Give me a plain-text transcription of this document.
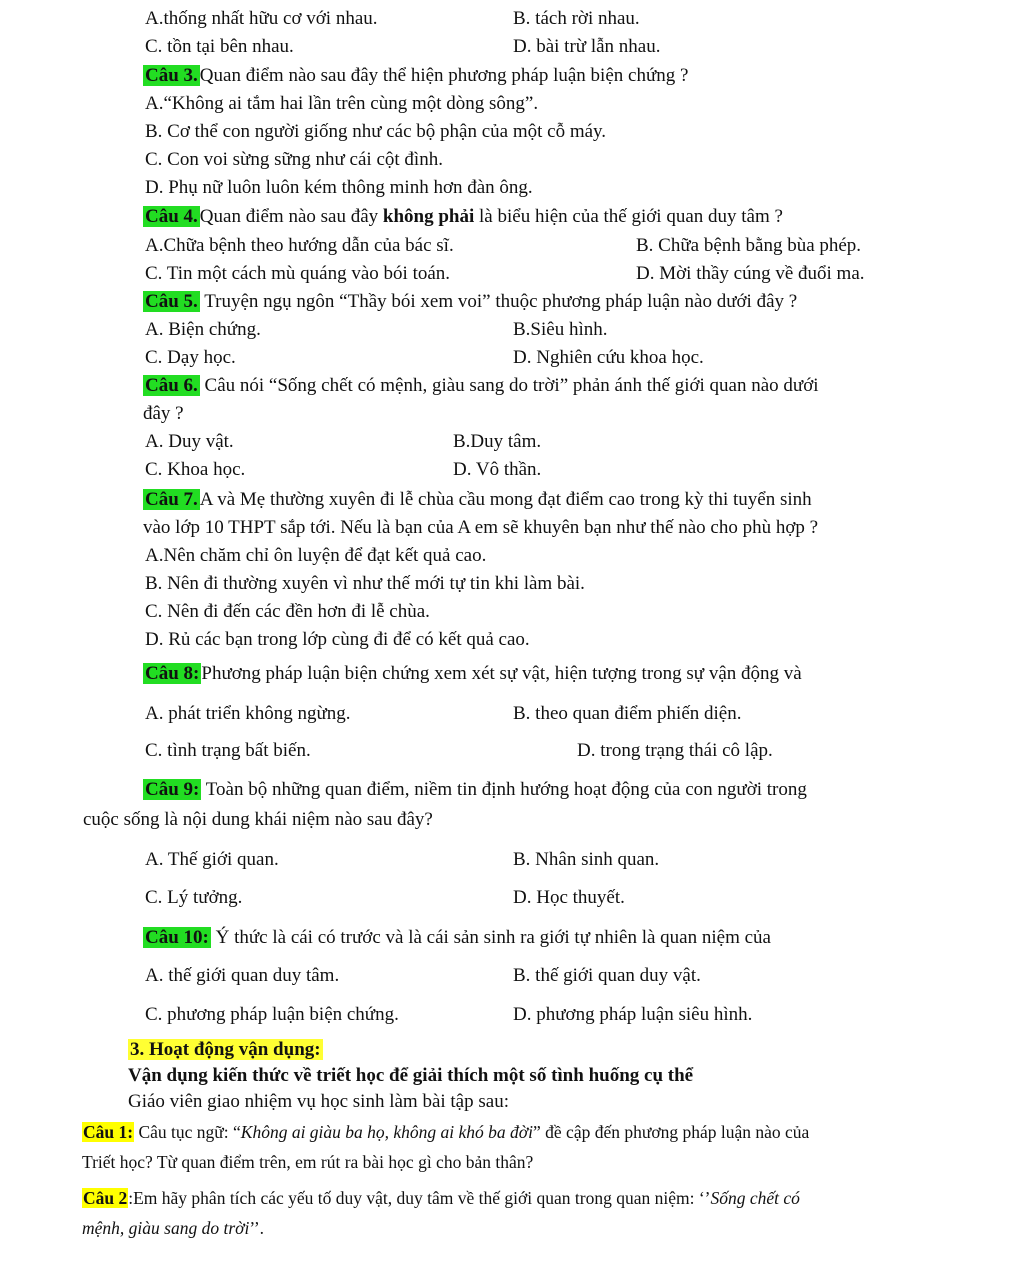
A.thống nhất hữu cơ với nhau.	B. tách rời nhau.
C. tồn tại bên nhau.	D. bài trừ lẫn nhau.
Câu 3. Quan điểm nào sau đây thể hiện phương pháp luận biện chứng ?
A.“Không ai tắm hai lần trên cùng một dòng sông”.
B. Cơ thể con người giống như các bộ phận của một cỗ máy.
C. Con voi sừng sững như cái cột đình.
D. Phụ nữ luôn luôn kém thông minh hơn đàn ông.
Câu 4. Quan điểm nào sau đây không phải là biểu hiện của thế giới quan duy tâm ?
A.Chữa bệnh theo hướng dẫn của bác sĩ.	B. Chữa bệnh bằng bùa phép.
C. Tin một cách mù quáng vào bói toán.	D. Mời thầy cúng về đuổi ma.
Câu 5. Truyện ngụ ngôn “Thầy bói xem voi” thuộc phương pháp luận nào dưới đây ?
A. Biện chứng.	B.Siêu hình.
C. Dạy học.	D. Nghiên cứu khoa học.
Câu 6. Câu nói “Sống chết có mệnh, giàu sang do trời” phản ánh thế giới quan nào dưới
đây ?
A. Duy vật.	B.Duy tâm.
C. Khoa học.	D. Vô thần.
Câu 7. A và Mẹ thường xuyên đi lễ chùa cầu mong đạt điểm cao trong kỳ thi tuyển sinh
vào lớp 10 THPT sắp tới. Nếu là bạn của A em sẽ khuyên bạn như thế nào cho phù hợp ?
A.Nên chăm chỉ ôn luyện để đạt kết quả cao.
B. Nên đi thường xuyên vì như thế mới tự tin khi làm bài.
C. Nên đi đến các đền hơn đi lễ chùa.
D. Rủ các bạn trong lớp cùng đi để có kết quả cao.
Câu 8: Phương pháp luận biện chứng xem xét sự vật, hiện tượng trong sự vận động và
A. phát triển không ngừng.	B. theo quan điểm phiến diện.
C. tình trạng bất biến.	D. trong trạng thái cô lập.
Câu 9: Toàn bộ những quan điểm, niềm tin định hướng hoạt động của con người trong
cuộc sống là nội dung khái niệm nào sau đây?
A. Thế giới quan.	B. Nhân sinh quan.
C. Lý tưởng.	D. Học thuyết.
Câu 10: Ý thức là cái có trước và là cái sản sinh ra giới tự nhiên là quan niệm của
A. thế giới quan duy tâm.	B. thế giới quan duy vật.
C. phương pháp luận biện chứng.	D. phương pháp luận siêu hình.
3. Hoạt động vận dụng:
Vận dụng kiến thức về triết học để giải thích một số tình huống cụ thể
Giáo viên giao nhiệm vụ học sinh làm bài tập sau:
Câu 1: Câu tục ngữ: “Không ai giàu ba họ, không ai khó ba đời” đề cập đến phương pháp luận nào của
Triết học? Từ quan điểm trên, em rút ra bài học gì cho bản thân?
Câu 2:Em hãy phân tích các yếu tố duy vật, duy tâm về thế giới quan trong quan niệm: ‘’Sống chết có
mệnh, giàu sang do trời’’.
